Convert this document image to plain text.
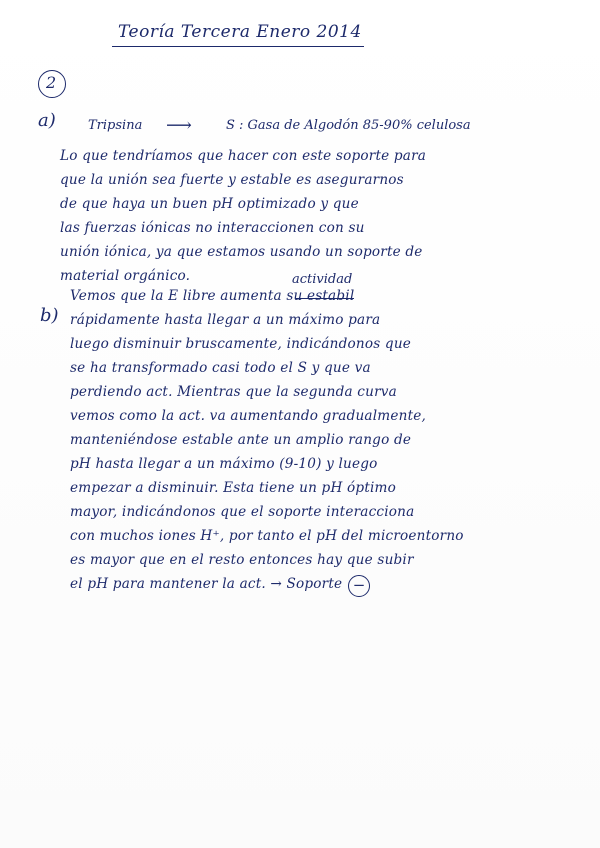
Teoría Tercera Enero 2014
2
a) Tripsina ⟶	S : Gasa de Algodón 85-90% celulosa
Lo que tendríamos que hacer con este soporte para
que la unión sea fuerte y estable es asegurarnos
de que haya un buen pH optimizado y que
las fuerzas iónicas no interaccionen con su
unión iónica, ya que estamos usando un soporte de
material orgánico.
b)
actividad
Vemos que la E libre aumenta su estabil
rápidamente hasta llegar a un máximo para
luego disminuir bruscamente, indicándonos que
se ha transformado casi todo el S y que va
perdiendo act. Mientras que la segunda curva
vemos como la act. va aumentando gradualmente,
manteniéndose estable ante un amplio rango de
pH hasta llegar a un máximo (9-10) y luego
empezar a disminuir. Esta tiene un pH óptimo
mayor, indicándonos que el soporte interacciona
con muchos iones H⁺, por tanto el pH del microentorno
es mayor que en el resto entonces hay que subir
el pH para mantener la act. → Soporte −
